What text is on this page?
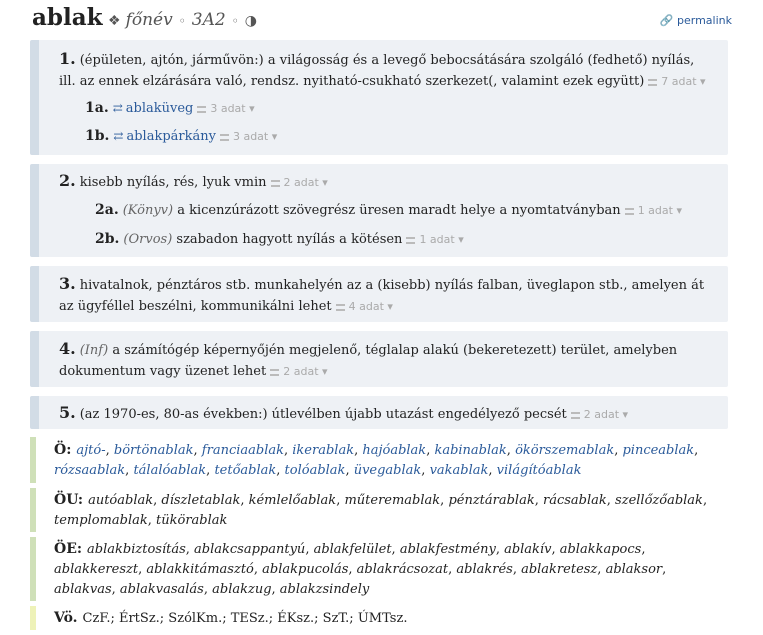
ablak ❖ főnév ◦ 3A2 ◦ ◑	🔗 permalink
1. (épületen, ajtón, járművön:) a világosság és a levegő bebocsátására szolgáló (fedhető) nyílás, ill. az ennek elzárására való, rendsz. nyitható-csukható szerkezet(, valamint ezek együtt) 7 adat ▾
1a. ⇄ ablaküveg 3 adat ▾
1b. ⇄ ablakpárkány 3 adat ▾
2. kisebb nyílás, rés, lyuk vmin 2 adat ▾
2a. (Könyv) a kicenzúrázott szövegrész üresen maradt helye a nyomtatványban 1 adat ▾
2b. (Orvos) szabadon hagyott nyílás a kötésen 1 adat ▾
3. hivatalnok, pénztáros stb. munkahelyén az a (kisebb) nyílás falban, üveglapon stb., amelyen át az ügyféllel beszélni, kommunikálni lehet 4 adat ▾
4. (Inf) a számítógép képernyőjén megjelenő, téglalap alakú (bekeretezett) terület, amelyben dokumentum vagy üzenet lehet 2 adat ▾
5. (az 1970-es, 80-as években:) útlevélben újabb utazást engedélyező pecsét 2 adat ▾
Ö: ajtó-, börtönablak, franciaablak, ikerablak, hajóablak, kabinablak, ökörszemablak, pinceablak, rózsaablak, tálalóablak, tetőablak, tolóablak, üvegablak, vakablak, világítóablak
ÖU: autóablak, díszletablak, kémlelőablak, műteremablak, pénztárablak, rácsablak, szellőzőablak, templomablak, tükörablak
ÖE: ablakbiztosítás, ablakcsappantyú, ablakfelület, ablakfestmény, ablakív, ablakkapocs, ablakkereszt, ablakkitámasztó, ablakpucolás, ablakrácsozat, ablakrés, ablakretesz, ablaksor, ablakvas, ablakvasalás, ablakzug, ablakzsindely
Vö. CzF.; ÉrtSz.; SzólKm.; TESz.; ÉKsz.; SzT.; ÚMTsz.
